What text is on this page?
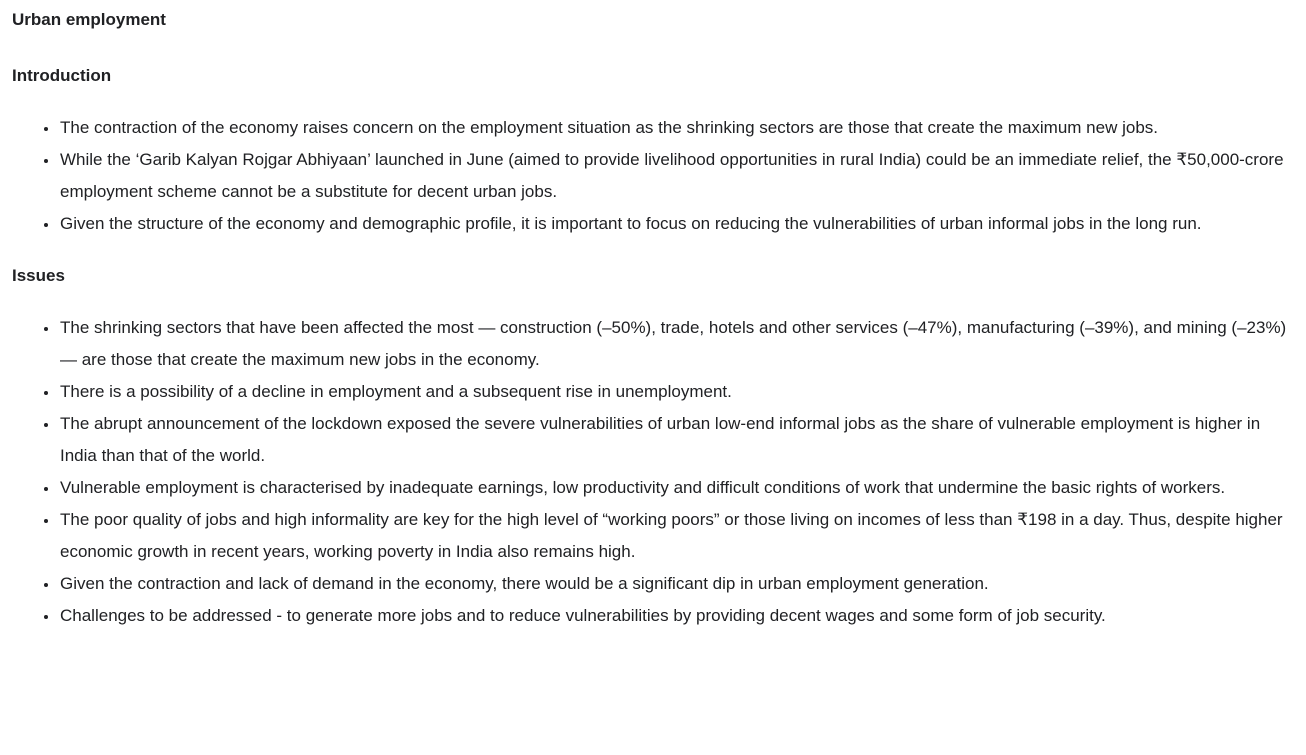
Urban employment

Introduction

• The contraction of the economy raises concern on the employment situation as the shrinking sectors are those that create the maximum new jobs.
• While the ‘Garib Kalyan Rojgar Abhiyaan’ launched in June (aimed to provide livelihood opportunities in rural India) could be an immediate relief, the ₹50,000-crore employment scheme cannot be a substitute for decent urban jobs.
• Given the structure of the economy and demographic profile, it is important to focus on reducing the vulnerabilities of urban informal jobs in the long run.

Issues

• The shrinking sectors that have been affected the most — construction (–50%), trade, hotels and other services (–47%), manufacturing (–39%), and mining (–23%) — are those that create the maximum new jobs in the economy.
• There is a possibility of a decline in employment and a subsequent rise in unemployment.
• The abrupt announcement of the lockdown exposed the severe vulnerabilities of urban low-end informal jobs as the share of vulnerable employment is higher in India than that of the world.
• Vulnerable employment is characterised by inadequate earnings, low productivity and difficult conditions of work that undermine the basic rights of workers.
• The poor quality of jobs and high informality are key for the high level of “working poors” or those living on incomes of less than ₹198 in a day. Thus, despite higher economic growth in recent years, working poverty in India also remains high.
• Given the contraction and lack of demand in the economy, there would be a significant dip in urban employment generation.
• Challenges to be addressed - to generate more jobs and to reduce vulnerabilities by providing decent wages and some form of job security.
